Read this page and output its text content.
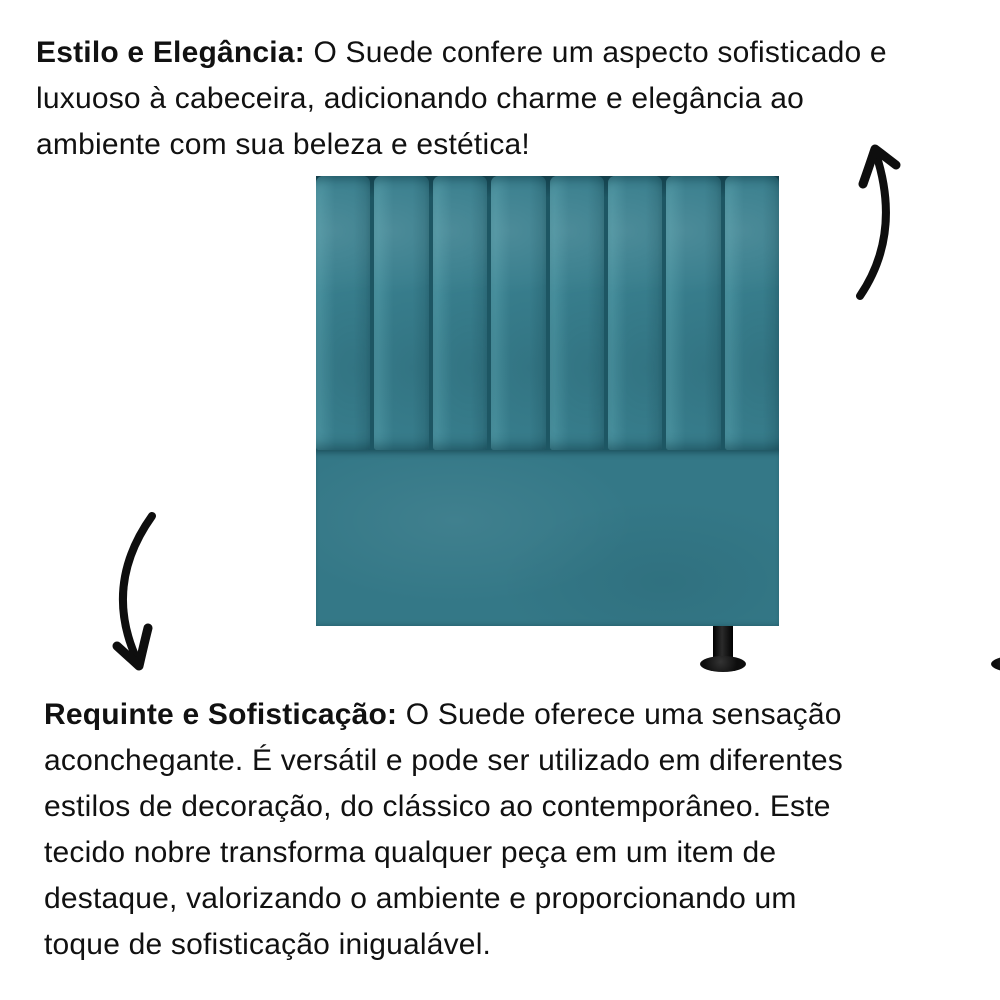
Estilo e Elegância: O Suede confere um aspecto sofisticado e
luxuoso à cabeceira, adicionando charme e elegância ao
ambiente com sua beleza e estética!
Requinte e Sofisticação: O Suede oferece uma sensação
aconchegante. É versátil e pode ser utilizado em diferentes
estilos de decoração, do clássico ao contemporâneo. Este
tecido nobre transforma qualquer peça em um item de
destaque, valorizando o ambiente e proporcionando um
toque de sofisticação inigualável.
